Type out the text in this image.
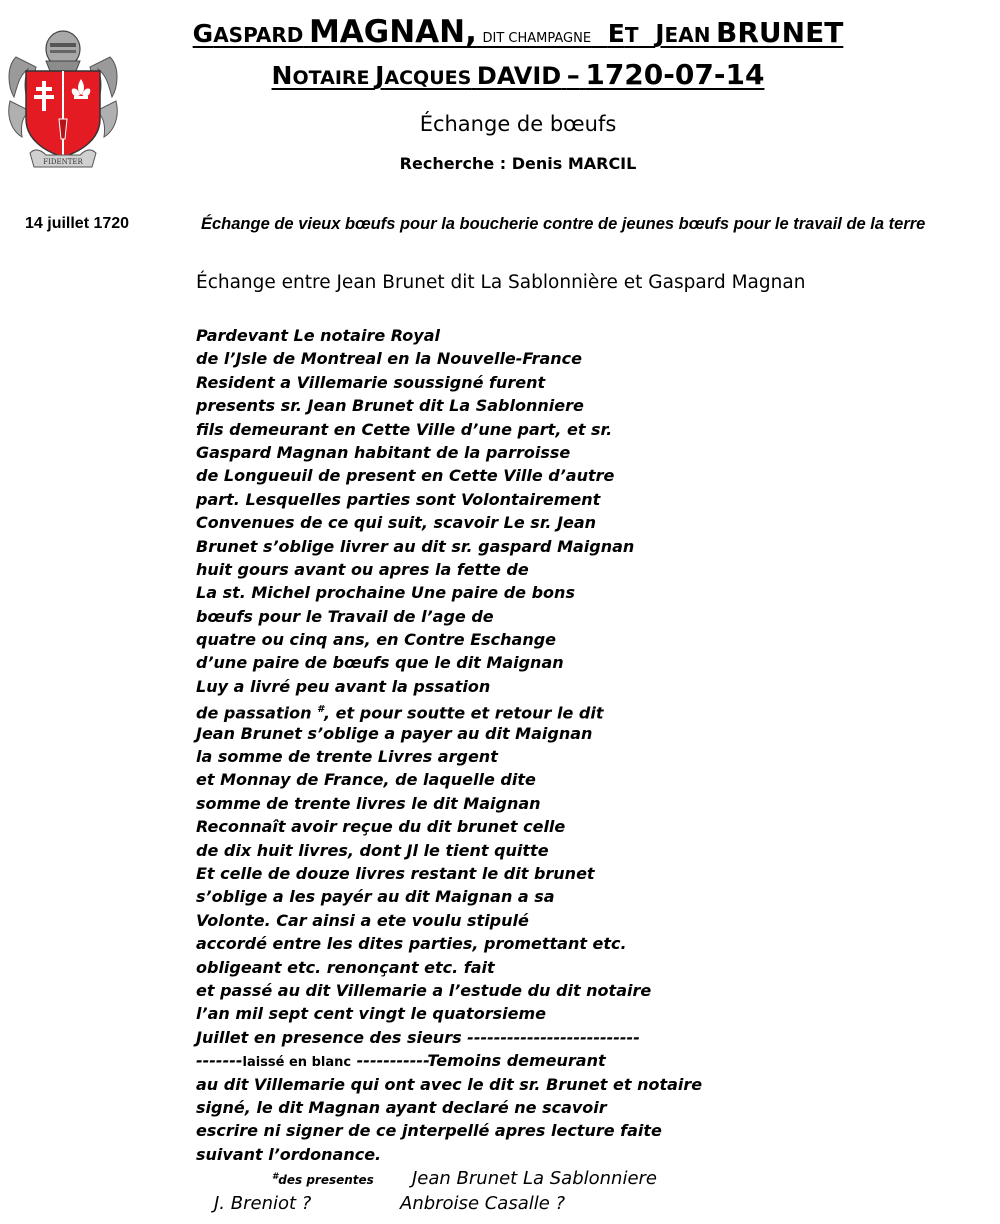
FIDENTER
GASPARD MAGNAN, DIT CHAMPAGNE ET JEAN BRUNET
NOTAIRE JACQUES DAVID – 1720-07-14
Échange de bœufs
Recherche : Denis MARCIL
14 juillet 1720	Échange de vieux bœufs pour la boucherie contre de jeunes bœufs pour le travail de la terre
Échange entre Jean Brunet dit La Sablonnière et Gaspard Magnan
Pardevant Le notaire Royal
de l’Jsle de Montreal en la Nouvelle-France
Resident a Villemarie soussigné furent
presents sr. Jean Brunet dit La Sablonniere
fils demeurant en Cette Ville d’une part, et sr.
Gaspard Magnan habitant de la parroisse
de Longueuil de present en Cette Ville d’autre
part. Lesquelles parties sont Volontairement
Convenues de ce qui suit, scavoir Le sr. Jean
Brunet s’oblige livrer au dit sr. gaspard Maignan
huit gours avant ou apres la fette de
La st. Michel prochaine Une paire de bons
bœufs pour le Travail de l’age de
quatre ou cinq ans, en Contre Eschange
d’une paire de bœufs que le dit Maignan
Luy a livré peu avant la pssation
de passation #, et pour soutte et retour le dit
Jean Brunet s’oblige a payer au dit Maignan
la somme de trente Livres argent
et Monnay de France, de laquelle dite
somme de trente livres le dit Maignan
Reconnaît avoir reçue du dit brunet celle
de dix huit livres, dont Jl le tient quitte
Et celle de douze livres restant le dit brunet
s’oblige a les payér au dit Maignan a sa
Volonte. Car ainsi a ete voulu stipulé
accordé entre les dites parties, promettant etc.
obligeant etc. renonçant etc. fait
et passé au dit Villemarie a l’estude du dit notaire
l’an mil sept cent vingt le quatorsieme
Juillet en presence des sieurs --------------------------
-------laissé en blanc -----------Temoins demeurant
au dit Villemarie qui ont avec le dit sr. Brunet et notaire
signé, le dit Magnan ayant declaré ne scavoir
escrire ni signer de ce jnterpellé apres lecture faite
suivant l’ordonance.
#des presentes Jean Brunet La Sablonniere
J. Breniot ?	Anbroise Casalle ?
